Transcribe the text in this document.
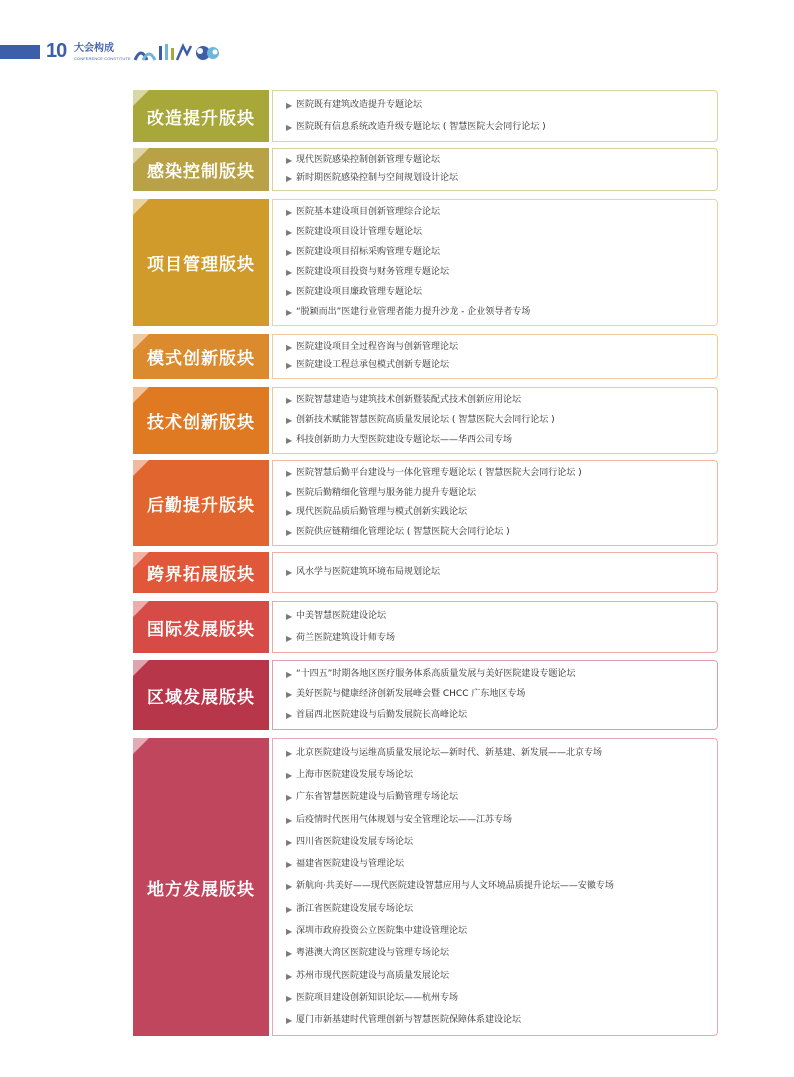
10 大会构成
CONFERENCE CONSTITUTE
改造提升版块
▶ 医院既有建筑改造提升专题论坛
▶ 医院既有信息系统改造升级专题论坛 ( 智慧医院大会同行论坛 )
感染控制版块
▶ 现代医院感染控制创新管理专题论坛
▶ 新时期医院感染控制与空间规划设计论坛
项目管理版块
▶ 医院基本建设项目创新管理综合论坛
▶ 医院建设项目设计管理专题论坛
▶ 医院建设项目招标采购管理专题论坛
▶ 医院建设项目投资与财务管理专题论坛
▶ 医院建设项目廉政管理专题论坛
▶ “脱颖而出”医建行业管理者能力提升沙龙 - 企业领导者专场
模式创新版块
▶ 医院建设项目全过程咨询与创新管理论坛
▶ 医院建设工程总承包模式创新专题论坛
技术创新版块
▶ 医院智慧建造与建筑技术创新暨装配式技术创新应用论坛
▶ 创新技术赋能智慧医院高质量发展论坛 ( 智慧医院大会同行论坛 )
▶ 科技创新助力大型医院建设专题论坛——华西公司专场
后勤提升版块
▶ 医院智慧后勤平台建设与一体化管理专题论坛 ( 智慧医院大会同行论坛 )
▶ 医院后勤精细化管理与服务能力提升专题论坛
▶ 现代医院品质后勤管理与模式创新实践论坛
▶ 医院供应链精细化管理论坛 ( 智慧医院大会同行论坛 )
跨界拓展版块	▶ 风水学与医院建筑环境布局规划论坛
国际发展版块
▶ 中美智慧医院建设论坛
▶ 荷兰医院建筑设计师专场
区域发展版块
▶ “十四五”时期各地区医疗服务体系高质量发展与美好医院建设专题论坛
▶ 美好医院与健康经济创新发展峰会暨 CHCC 广东地区专场
▶ 首届西北医院建设与后勤发展院长高峰论坛
地方发展版块
▶ 北京医院建设与运维高质量发展论坛—新时代、新基建、新发展——北京专场
▶ 上海市医院建设发展专场论坛
▶ 广东省智慧医院建设与后勤管理专场论坛
▶ 后疫情时代医用气体规划与安全管理论坛——江苏专场
▶ 四川省医院建设发展专场论坛
▶ 福建省医院建设与管理论坛
▶ 新航向·共美好——现代医院建设智慧应用与人文环境品质提升论坛——安徽专场
▶ 浙江省医院建设发展专场论坛
▶ 深圳市政府投资公立医院集中建设管理论坛
▶ 粤港澳大湾区医院建设与管理专场论坛
▶ 苏州市现代医院建设与高质量发展论坛
▶ 医院项目建设创新知识论坛——杭州专场
▶ 厦门市新基建时代管理创新与智慧医院保障体系建设论坛
